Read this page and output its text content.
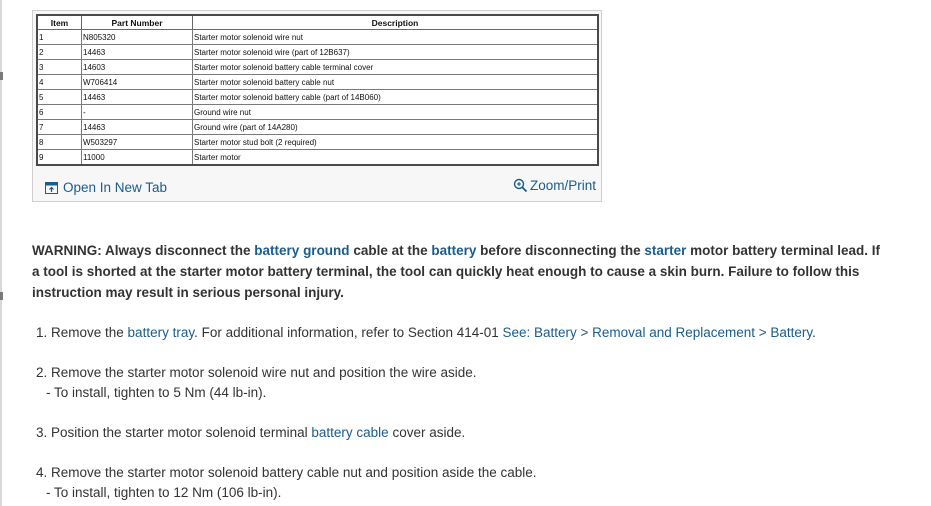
Item	Part Number	Description
1	N805320	Starter motor solenoid wire nut
2	14463	Starter motor solenoid wire (part of 12B637)
3	14603	Starter motor solenoid battery cable terminal cover
4	W706414	Starter motor solenoid battery cable nut
5	14463	Starter motor solenoid battery cable (part of 14B060)
6	-	Ground wire nut
7	14463	Ground wire (part of 14A280)
8	W503297	Starter motor stud bolt (2 required)
9	11000	Starter motor
Open In New Tab	Zoom/Print

WARNING: Always disconnect the battery ground cable at the battery before disconnecting the starter motor battery terminal lead. If a tool is shorted at the starter motor battery terminal, the tool can quickly heat enough to cause a skin burn. Failure to follow this instruction may result in serious personal injury.

1. Remove the battery tray. For additional information, refer to Section 414-01 See: Battery > Removal and Replacement > Battery.
2. Remove the starter motor solenoid wire nut and position the wire aside.
- To install, tighten to 5 Nm (44 lb-in).
3. Position the starter motor solenoid terminal battery cable cover aside.
4. Remove the starter motor solenoid battery cable nut and position aside the cable.
- To install, tighten to 12 Nm (106 lb-in).
